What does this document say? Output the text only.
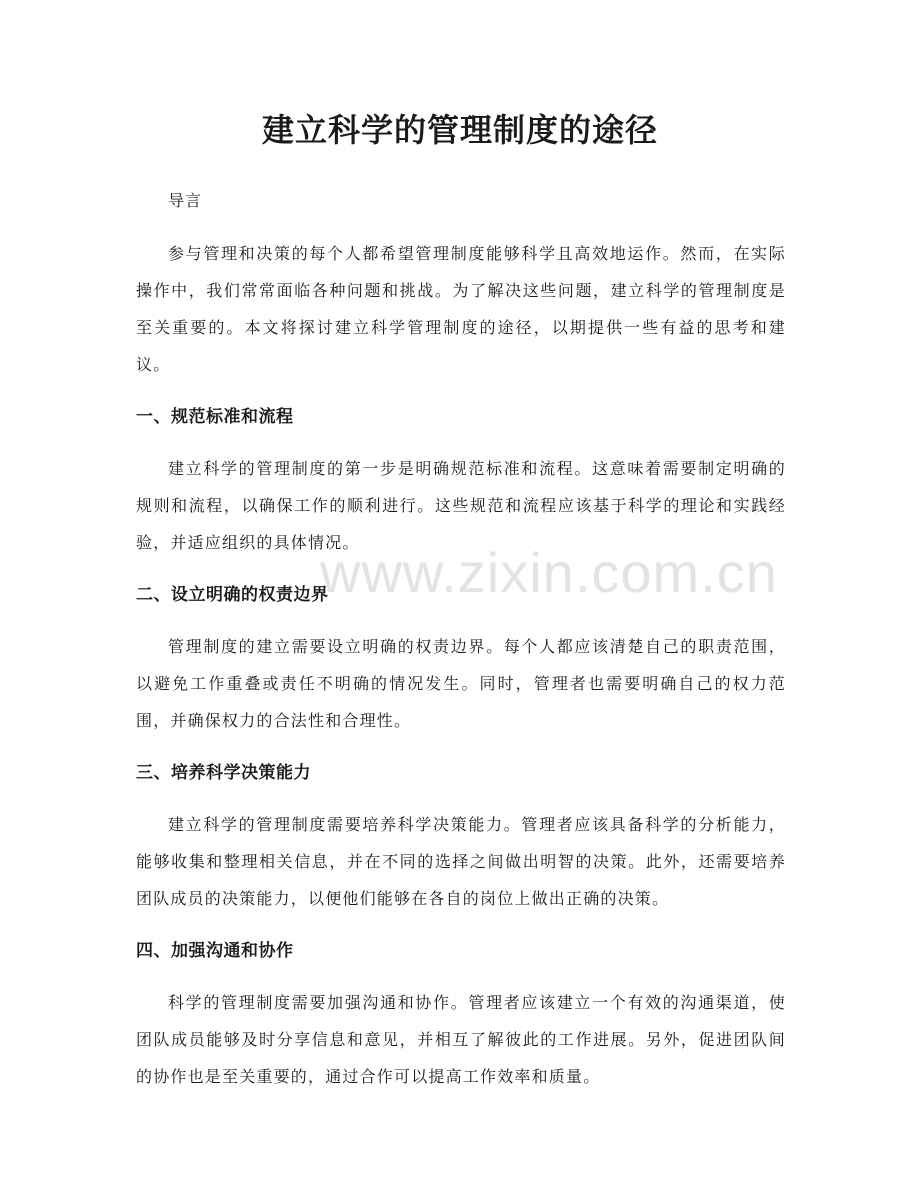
建立科学的管理制度的途径
www.zixin.com.cn

导言

参与管理和决策的每个人都希望管理制度能够科学且高效地运作。然而，在实际操作中，我们常常面临各种问题和挑战。为了解决这些问题，建立科学的管理制度是至关重要的。本文将探讨建立科学管理制度的途径，以期提供一些有益的思考和建议。

一、规范标准和流程

建立科学的管理制度的第一步是明确规范标准和流程。这意味着需要制定明确的规则和流程，以确保工作的顺利进行。这些规范和流程应该基于科学的理论和实践经验，并适应组织的具体情况。

二、设立明确的权责边界

管理制度的建立需要设立明确的权责边界。每个人都应该清楚自己的职责范围，以避免工作重叠或责任不明确的情况发生。同时，管理者也需要明确自己的权力范围，并确保权力的合法性和合理性。

三、培养科学决策能力

建立科学的管理制度需要培养科学决策能力。管理者应该具备科学的分析能力，能够收集和整理相关信息，并在不同的选择之间做出明智的决策。此外，还需要培养团队成员的决策能力，以便他们能够在各自的岗位上做出正确的决策。

四、加强沟通和协作

科学的管理制度需要加强沟通和协作。管理者应该建立一个有效的沟通渠道，使团队成员能够及时分享信息和意见，并相互了解彼此的工作进展。另外，促进团队间的协作也是至关重要的，通过合作可以提高工作效率和质量。
